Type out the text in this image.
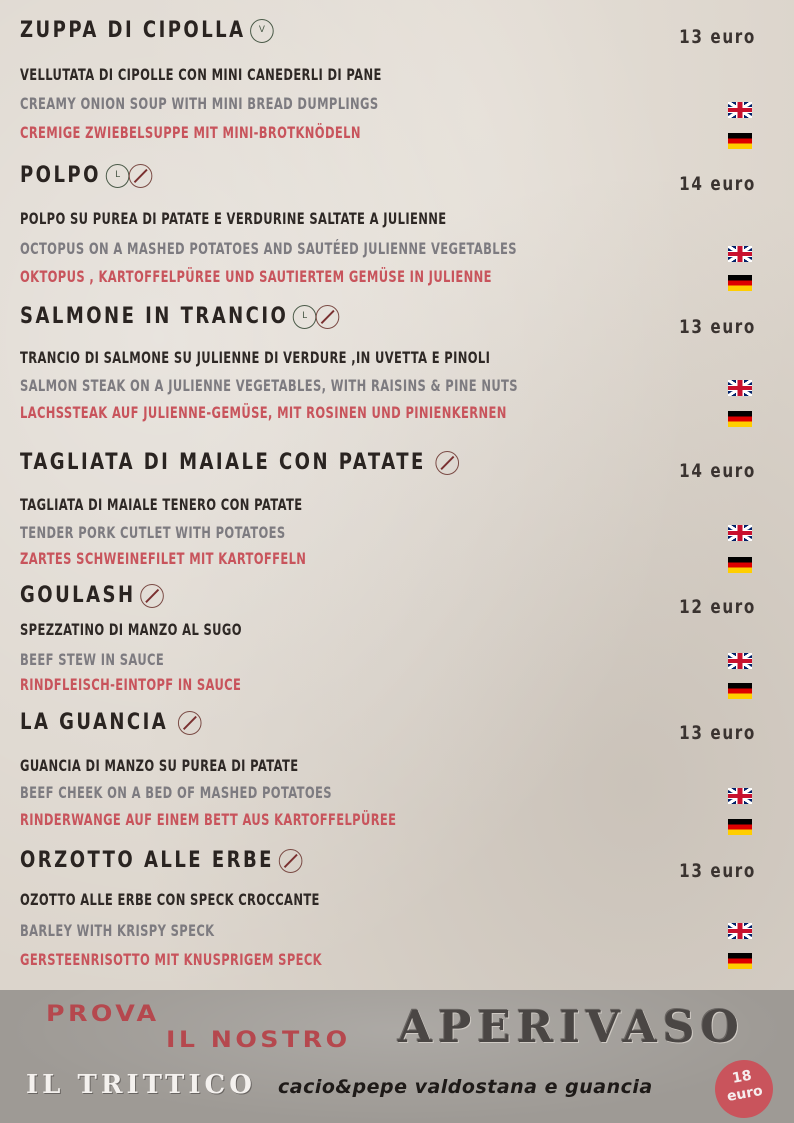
ZUPPA DI CIPOLLA	V	13 euro
VELLUTATA DI CIPOLLE CON MINI CANEDERLI DI PANE
CREAMY ONION SOUP WITH MINI BREAD DUMPLINGS
CREMIGE ZWIEBELSUPPE MIT MINI-BROTKNÖDELN
POLPO	L	14 euro
POLPO SU PUREA DI PATATE E VERDURINE SALTATE A JULIENNE
OCTOPUS ON A MASHED POTATOES AND SAUTÉED JULIENNE VEGETABLES
OKTOPUS , KARTOFFELPÜREE UND SAUTIERTEM GEMÜSE IN JULIENNE
SALMONE IN TRANCIO	L
13 euro
TRANCIO DI SALMONE SU JULIENNE DI VERDURE ,IN UVETTA E PINOLI
SALMON STEAK ON A JULIENNE VEGETABLES, WITH RAISINS & PINE NUTS
LACHSSTEAK AUF JULIENNE-GEMÜSE, MIT ROSINEN UND PINIENKERNEN
TAGLIATA DI MAIALE CON PATATE	14 euro
TAGLIATA DI MAIALE TENERO CON PATATE
TENDER PORK CUTLET WITH POTATOES
ZARTES SCHWEINEFILET MIT KARTOFFELN
GOULASH	12 euro
SPEZZATINO DI MANZO AL SUGO
BEEF STEW IN SAUCE
RINDFLEISCH-EINTOPF IN SAUCE
LA GUANCIA	13 euro
GUANCIA DI MANZO SU PUREA DI PATATE
BEEF CHEEK ON A BED OF MASHED POTATOES
RINDERWANGE AUF EINEM BETT AUS KARTOFFELPÜREE
ORZOTTO ALLE ERBE	13 euro
OZOTTO ALLE ERBE CON SPECK CROCCANTE
BARLEY WITH KRISPY SPECK
GERSTEENRISOTTO MIT KNUSPRIGEM SPECK
PROVA
IL NOSTRO APERIVASO
IL TRITTICO cacio&pepe valdostana e guancia	18
euro
